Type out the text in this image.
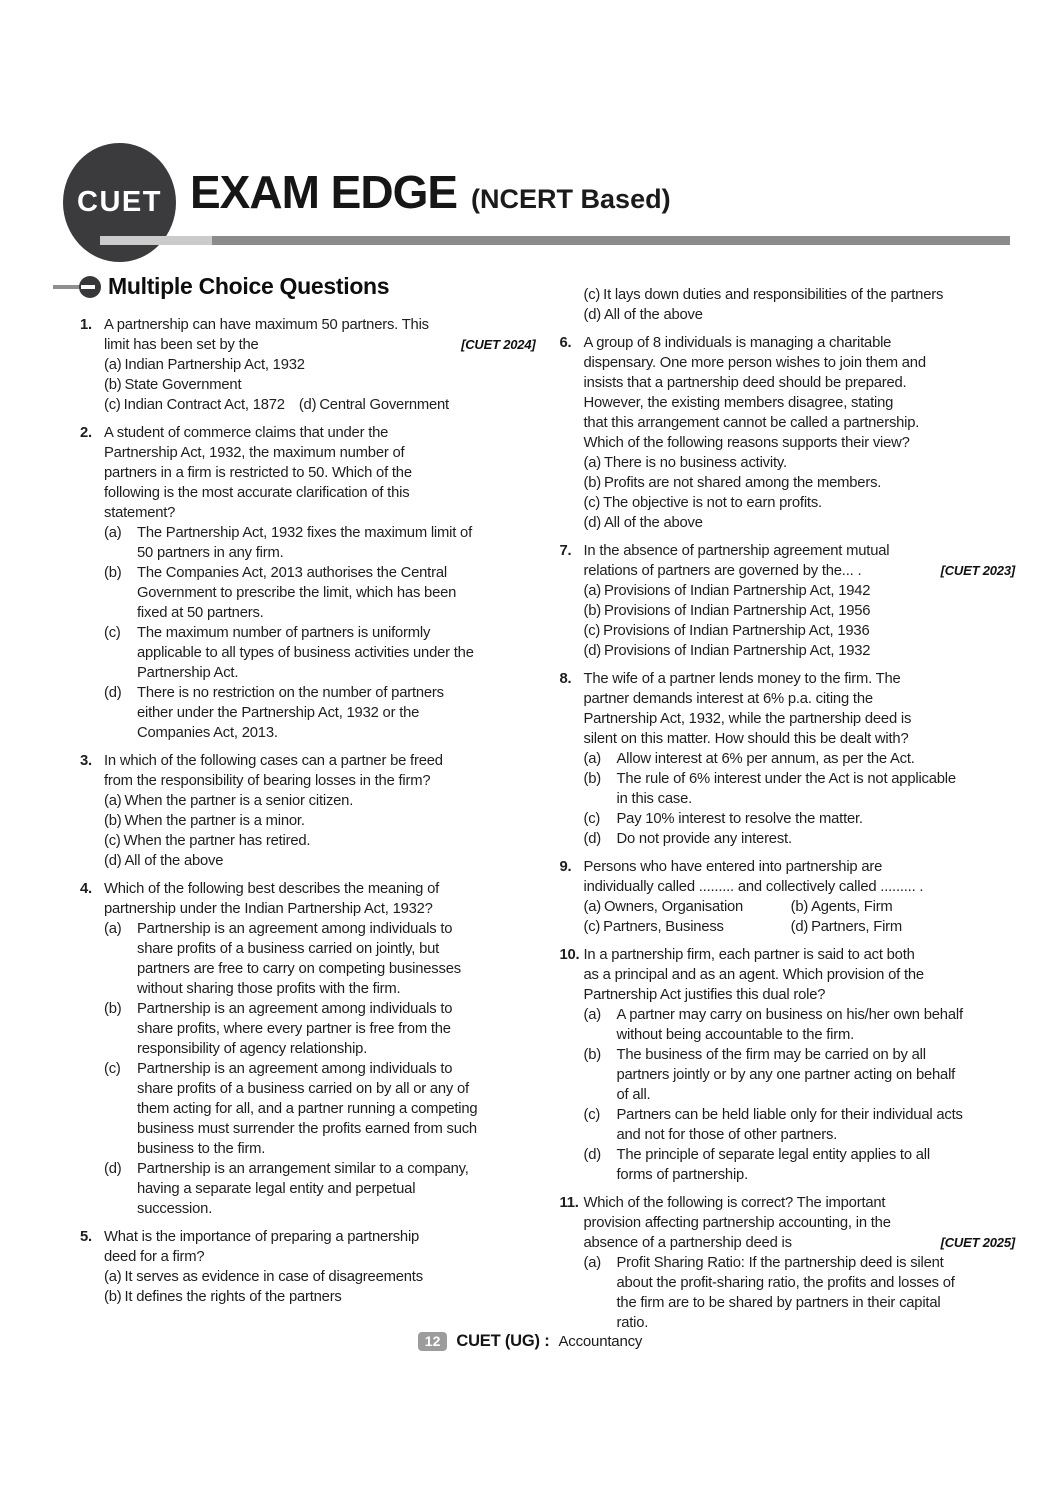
CUET EXAM EDGE (NCERT Based)
Multiple Choice Questions
1. A partnership can have maximum 50 partners. This
limit has been set by the	[CUET 2024]
(a) Indian Partnership Act, 1932
(b) State Government
(c) Indian Contract Act, 1872 (d) Central Government
2. A student of commerce claims that under the
Partnership Act, 1932, the maximum number of
partners in a firm is restricted to 50. Which of the
following is the most accurate clarification of this
statement?
(a)	The Partnership Act, 1932 fixes the maximum limit of
50 partners in any firm.
(b)	The Companies Act, 2013 authorises the Central
Government to prescribe the limit, which has been
fixed at 50 partners.
(c)	The maximum number of partners is uniformly
applicable to all types of business activities under the
Partnership Act.
(d)	There is no restriction on the number of partners
either under the Partnership Act, 1932 or the
Companies Act, 2013.
3. In which of the following cases can a partner be freed
from the responsibility of bearing losses in the firm?
(a) When the partner is a senior citizen.
(b) When the partner is a minor.
(c) When the partner has retired.
(d) All of the above
4. Which of the following best describes the meaning of
partnership under the Indian Partnership Act, 1932?
(a)	Partnership is an agreement among individuals to
share profits of a business carried on jointly, but
partners are free to carry on competing businesses
without sharing those profits with the firm.
(b)	Partnership is an agreement among individuals to
share profits, where every partner is free from the
responsibility of agency relationship.
(c)	Partnership is an agreement among individuals to
share profits of a business carried on by all or any of
them acting for all, and a partner running a competing
business must surrender the profits earned from such
business to the firm.
(d)	Partnership is an arrangement similar to a company,
having a separate legal entity and perpetual
succession.
5. What is the importance of preparing a partnership
deed for a firm?
(a) It serves as evidence in case of disagreements
(b) It defines the rights of the partners
(c) It lays down duties and responsibilities of the partners
(d) All of the above
6. A group of 8 individuals is managing a charitable
dispensary. One more person wishes to join them and
insists that a partnership deed should be prepared.
However, the existing members disagree, stating
that this arrangement cannot be called a partnership.
Which of the following reasons supports their view?
(a) There is no business activity.
(b) Profits are not shared among the members.
(c) The objective is not to earn profits.
(d) All of the above
7. In the absence of partnership agreement mutual
relations of partners are governed by the... .	[CUET 2023]
(a) Provisions of Indian Partnership Act, 1942
(b) Provisions of Indian Partnership Act, 1956
(c) Provisions of Indian Partnership Act, 1936
(d) Provisions of Indian Partnership Act, 1932
8. The wife of a partner lends money to the firm. The
partner demands interest at 6% p.a. citing the
Partnership Act, 1932, while the partnership deed is
silent on this matter. How should this be dealt with?
(a)	Allow interest at 6% per annum, as per the Act.
(b)	The rule of 6% interest under the Act is not applicable
in this case.
(c)	Pay 10% interest to resolve the matter.
(d)	Do not provide any interest.
9. Persons who have entered into partnership are
individually called ......... and collectively called ......... .
(a) Owners, Organisation	(b) Agents, Firm
(c) Partners, Business	(d) Partners, Firm
10. In a partnership firm, each partner is said to act both
as a principal and as an agent. Which provision of the
Partnership Act justifies this dual role?
(a)	A partner may carry on business on his/her own behalf
without being accountable to the firm.
(b)	The business of the firm may be carried on by all
partners jointly or by any one partner acting on behalf
of all.
(c)	Partners can be held liable only for their individual acts
and not for those of other partners.
(d)	The principle of separate legal entity applies to all
forms of partnership.
11. Which of the following is correct? The important
provision affecting partnership accounting, in the
absence of a partnership deed is	[CUET 2025]
(a)	Profit Sharing Ratio: If the partnership deed is silent
about the profit-sharing ratio, the profits and losses of
the firm are to be shared by partners in their capital
ratio.
12 CUET (UG) : Accountancy
